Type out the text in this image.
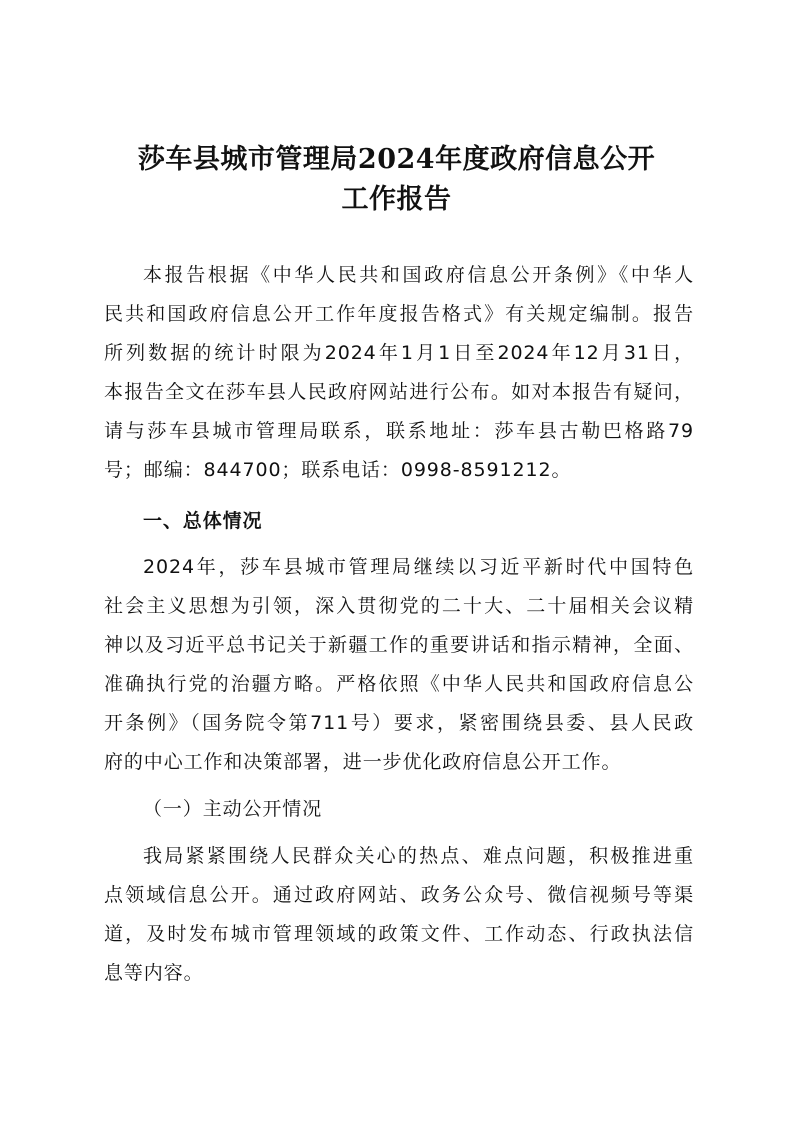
莎车县城市管理局2024年度政府信息公开
工作报告
本报告根据《中华人民共和国政府信息公开条例》《中华人
民共和国政府信息公开工作年度报告格式》有关规定编制。报告
所列数据的统计时限为2024年1月1日至2024年12月31日，
本报告全文在莎车县人民政府网站进行公布。如对本报告有疑问，
请与莎车县城市管理局联系，联系地址：莎车县古勒巴格路79
号；邮编：844700；联系电话：0998-8591212。
一、总体情况
2024年，莎车县城市管理局继续以习近平新时代中国特色
社会主义思想为引领，深入贯彻党的二十大、二十届相关会议精
神以及习近平总书记关于新疆工作的重要讲话和指示精神，全面、
准确执行党的治疆方略。严格依照《中华人民共和国政府信息公
开条例》（国务院令第711号）要求，紧密围绕县委、县人民政
府的中心工作和决策部署，进一步优化政府信息公开工作。
（一）主动公开情况
我局紧紧围绕人民群众关心的热点、难点问题，积极推进重
点领域信息公开。通过政府网站、政务公众号、微信视频号等渠
道，及时发布城市管理领域的政策文件、工作动态、行政执法信
息等内容。
